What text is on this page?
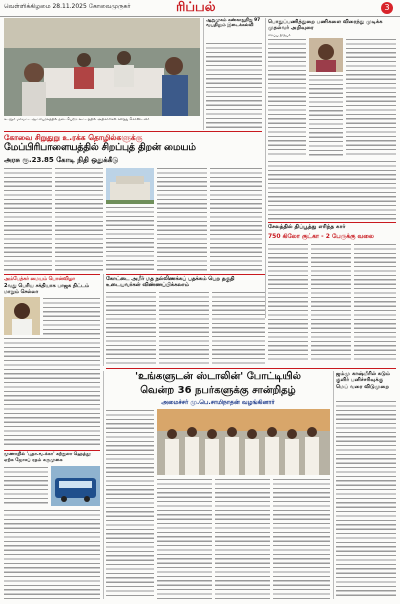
வெள்ளிக்கிழமை 28.11.2025 கோவைமுருகர்	ரிப்பல்	3
கடலூர் மாவட்ட ஆட்சியரகத்தில் நடைபெற்ற கூட்டத்தில் அதிகாரிகள் கலந்து கொண்டனர்
ஆறுமுகம் கண்காதுநிறு 97 வயதிலும் இடைக்கல்வி
கோவை சிறுதுறு உ.ரக்க தொழில்களுக்கு
மேப்பிரிபாளையத்தில் சிறப்புத் திறன் மையம்
அரசு ரூ.23.85 கோடி நிதி ஒதுக்கீடு
பொதுப்பணித்துறை பணிகளை விரைந்து முடிக்க முதல்வர் அறிவுரை
சிறப்பு நிருபர்
சேலத்தில் திப்பூத்து எரிந்த கார்
750 கிலோ குட்கா - 2 பேருக்கு வலை
அம்பேத்கர் மையம் பொன்விழா
2வது பெரிய சக்தியாக பாஜக திட்டம் மாறும் செல்லா
கோட்டை அமீர் மத நல்லிணக்கப் பதக்கம் பெற தகுதி உடையவர்கள் விண்ணப்பிக்கலாம்
'உங்களுடன் ஸ்டாலின்' போட்டியில்
வென்ற 36 நபர்களுக்கு சான்றிதழ்
அமைச்சர் மு.பெ.சாமிநாதன் வழங்கினார்
ஜம்மு காஷ்மீரில் கடும் குளிர் பனிச்சரிவுக்கு மெப் வரை விடுமுறை
மூணாறில் 'புதா.வ.க்கா' கற்றுலா ஹெத்தூ ஏற்க ஜோசப் ரதம் கருமுகை
